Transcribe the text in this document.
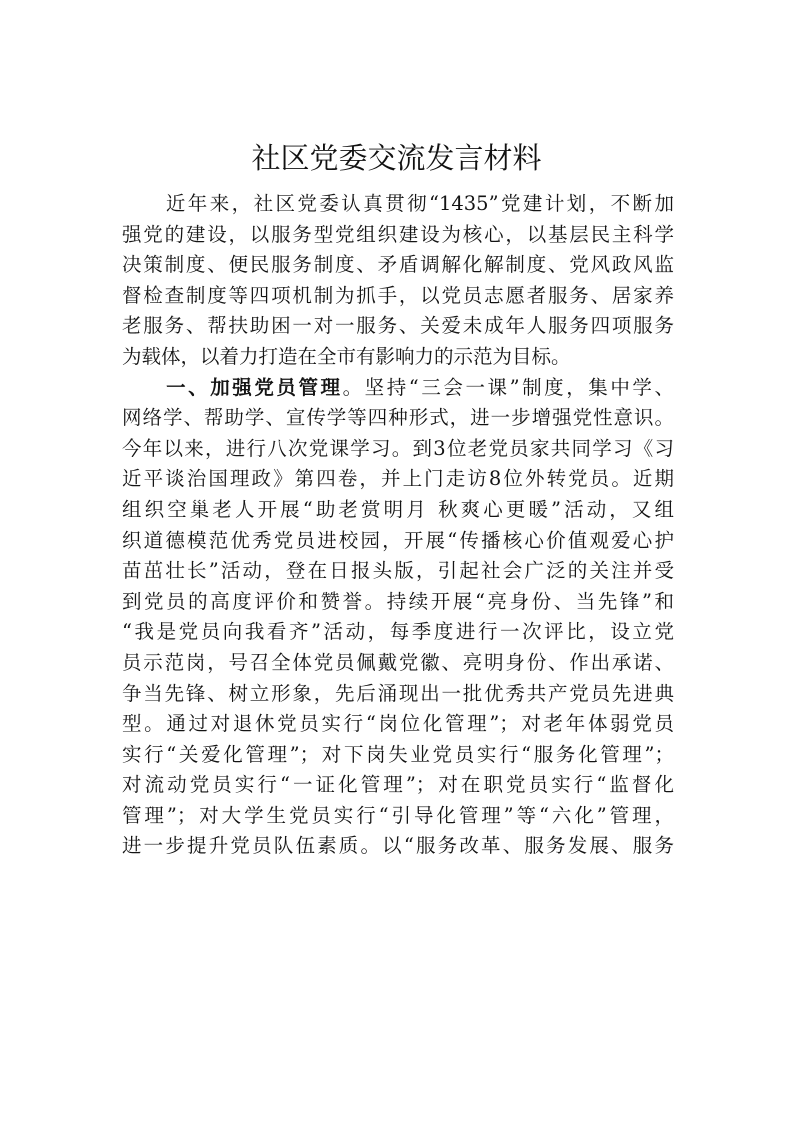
社区党委交流发言材料
　　近年来，社区党委认真贯彻“1435”党建计划，不断加
强党的建设，以服务型党组织建设为核心，以基层民主科学
决策制度、便民服务制度、矛盾调解化解制度、党风政风监
督检查制度等四项机制为抓手，以党员志愿者服务、居家养
老服务、帮扶助困一对一服务、关爱未成年人服务四项服务
为载体，以着力打造在全市有影响力的示范为目标。
　　一、加强党员管理。坚持“三会一课”制度，集中学、
网络学、帮助学、宣传学等四种形式，进一步增强党性意识。
今年以来，进行八次党课学习。到3位老党员家共同学习《习
近平谈治国理政》第四卷，并上门走访8位外转党员。近期
组织空巢老人开展“助老赏明月 秋爽心更暖”活动，又组
织道德模范优秀党员进校园，开展“传播核心价值观爱心护
苗茁壮长”活动，登在日报头版，引起社会广泛的关注并受
到党员的高度评价和赞誉。持续开展“亮身份、当先锋”和
“我是党员向我看齐”活动，每季度进行一次评比，设立党
员示范岗，号召全体党员佩戴党徽、亮明身份、作出承诺、
争当先锋、树立形象，先后涌现出一批优秀共产党员先进典
型。通过对退休党员实行“岗位化管理”；对老年体弱党员
实行“关爱化管理”；对下岗失业党员实行“服务化管理”；
对流动党员实行“一证化管理”；对在职党员实行“监督化
管理”；对大学生党员实行“引导化管理”等“六化”管理，
进一步提升党员队伍素质。以“服务改革、服务发展、服务
